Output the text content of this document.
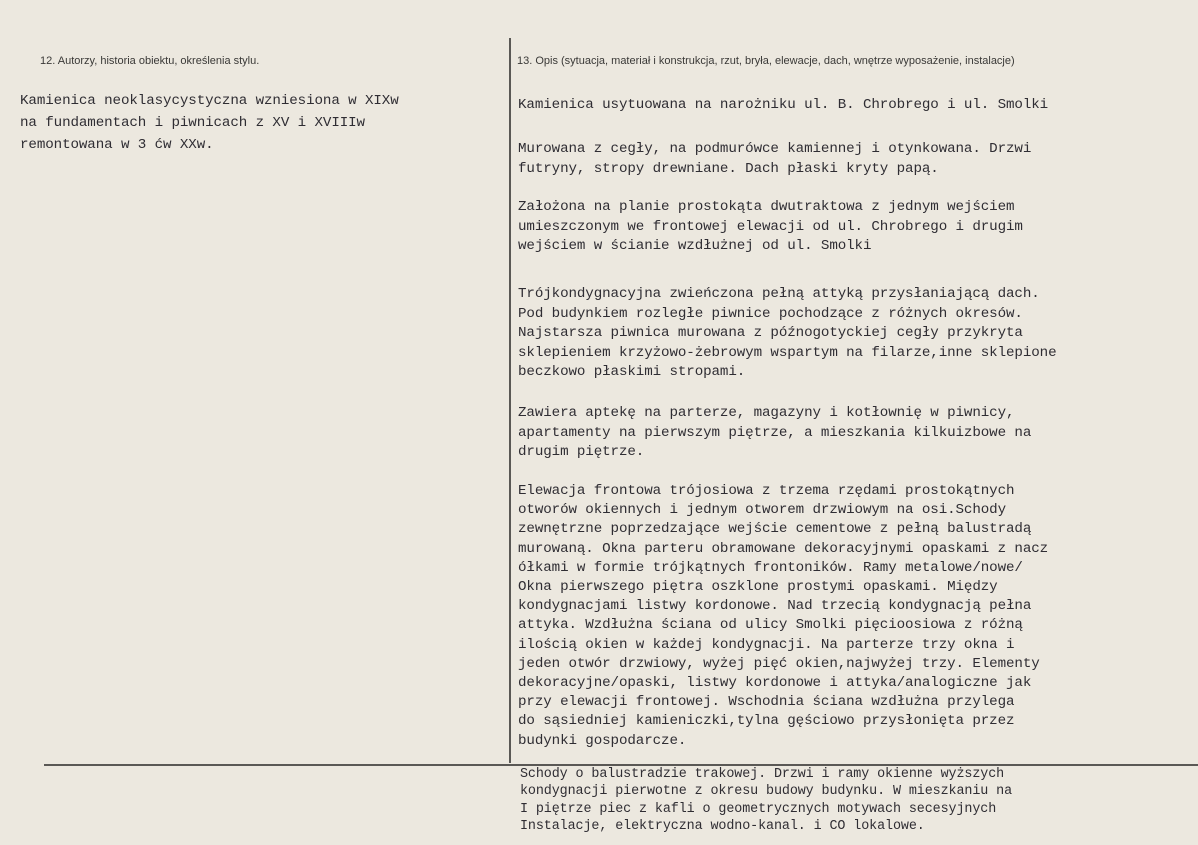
12. Autorzy, historia obiektu, określenia stylu.	13. Opis (sytuacja, materiał i konstrukcja, rzut, bryła, elewacje, dach, wnętrze wyposażenie, instalacje)
Kamienica neoklasycystyczna wzniesiona w XIXw
na fundamentach i piwnicach z XV i XVIIIw
remontowana w 3 ćw XXw.
Kamienica usytuowana na narożniku ul. B. Chrobrego i ul. Smolki
Murowana z cegły, na podmurówce kamiennej i otynkowana. Drzwi
futryny, stropy drewniane. Dach płaski kryty papą.
Założona na planie prostokąta dwutraktowa z jednym wejściem
umieszczonym we frontowej elewacji od ul. Chrobrego i drugim
wejściem w ścianie wzdłużnej od ul. Smolki
Trójkondygnacyjna zwieńczona pełną attyką przysłaniającą dach.
Pod budynkiem rozległe piwnice pochodzące z różnych okresów.
Najstarsza piwnica murowana z późnogotyckiej cegły przykryta
sklepieniem krzyżowo-żebrowym wspartym na filarze,inne sklepione
beczkowo płaskimi stropami.
Zawiera aptekę na parterze, magazyny i kotłownię w piwnicy,
apartamenty na pierwszym piętrze, a mieszkania kilkuizbowe na
drugim piętrze.
Elewacja frontowa trójosiowa z trzema rzędami prostokątnych
otworów okiennych i jednym otworem drzwiowym na osi.Schody
zewnętrzne poprzedzające wejście cementowe z pełną balustradą
murowaną. Okna parteru obramowane dekoracyjnymi opaskami z nacz
ółkami w formie trójkątnych frontoników. Ramy metalowe/nowe/
Okna pierwszego piętra oszklone prostymi opaskami. Między
kondygnacjami listwy kordonowe. Nad trzecią kondygnacją pełna
attyka. Wzdłużna ściana od ulicy Smolki pięcioosiowa z różną
ilością okien w każdej kondygnacji. Na parterze trzy okna i
jeden otwór drzwiowy, wyżej pięć okien,najwyżej trzy. Elementy
dekoracyjne/opaski, listwy kordonowe i attyka/analogiczne jak
przy elewacji frontowej. Wschodnia ściana wzdłużna przylega
do sąsiedniej kamieniczki,tylna gęściowo przysłonięta przez
budynki gospodarcze.
Schody o balustradzie trakowej. Drzwi i ramy okienne wyższych
kondygnacji pierwotne z okresu budowy budynku. W mieszkaniu na
I piętrze piec z kafli o geometrycznych motywach secesyjnych
Instalacje, elektryczna wodno-kanal. i CO lokalowe.
